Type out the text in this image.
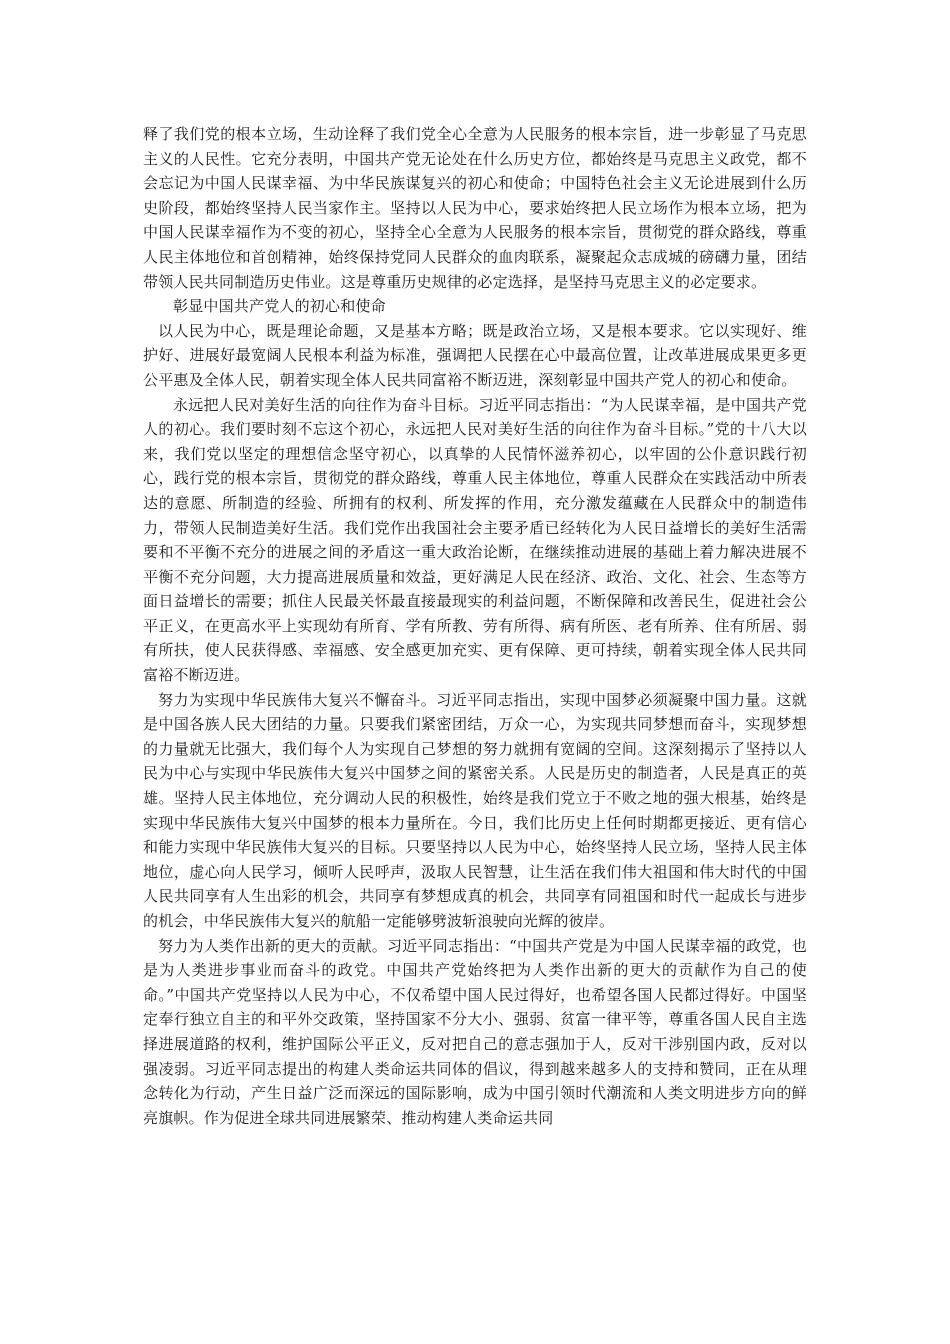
释了我们党的根本立场，生动诠释了我们党全心全意为人民服务的根本宗旨，进一步彰显了马克思主义的人民性。它充分表明，中国共产党无论处在什么历史方位，都始终是马克思主义政党，都不会忘记为中国人民谋幸福、为中华民族谋复兴的初心和使命；中国特色社会主义无论进展到什么历史阶段，都始终坚持人民当家作主。坚持以人民为中心，要求始终把人民立场作为根本立场，把为中国人民谋幸福作为不变的初心，坚持全心全意为人民服务的根本宗旨，贯彻党的群众路线，尊重人民主体地位和首创精神，始终保持党同人民群众的血肉联系，凝聚起众志成城的磅礴力量，团结带领人民共同制造历史伟业。这是尊重历史规律的必定选择，是坚持马克思主义的必定要求。

彰显中国共产党人的初心和使命

以人民为中心，既是理论命题，又是基本方略；既是政治立场，又是根本要求。它以实现好、维护好、进展好最宽阔人民根本利益为标准，强调把人民摆在心中最高位置，让改革进展成果更多更公平惠及全体人民，朝着实现全体人民共同富裕不断迈进，深刻彰显中国共产党人的初心和使命。

永远把人民对美好生活的向往作为奋斗目标。习近平同志指出：“为人民谋幸福，是中国共产党人的初心。我们要时刻不忘这个初心，永远把人民对美好生活的向往作为奋斗目标。”党的十八大以来，我们党以坚定的理想信念坚守初心，以真挚的人民情怀滋养初心，以牢固的公仆意识践行初心，践行党的根本宗旨，贯彻党的群众路线，尊重人民主体地位，尊重人民群众在实践活动中所表达的意愿、所制造的经验、所拥有的权利、所发挥的作用，充分激发蕴藏在人民群众中的制造伟力，带领人民制造美好生活。我们党作出我国社会主要矛盾已经转化为人民日益增长的美好生活需要和不平衡不充分的进展之间的矛盾这一重大政治论断，在继续推动进展的基础上着力解决进展不平衡不充分问题，大力提高进展质量和效益，更好满足人民在经济、政治、文化、社会、生态等方面日益增长的需要；抓住人民最关怀最直接最现实的利益问题，不断保障和改善民生，促进社会公平正义，在更高水平上实现幼有所育、学有所教、劳有所得、病有所医、老有所养、住有所居、弱有所扶，使人民获得感、幸福感、安全感更加充实、更有保障、更可持续，朝着实现全体人民共同富裕不断迈进。

努力为实现中华民族伟大复兴不懈奋斗。习近平同志指出，实现中国梦必须凝聚中国力量。这就是中国各族人民大团结的力量。只要我们紧密团结，万众一心，为实现共同梦想而奋斗，实现梦想的力量就无比强大，我们每个人为实现自己梦想的努力就拥有宽阔的空间。这深刻揭示了坚持以人民为中心与实现中华民族伟大复兴中国梦之间的紧密关系。人民是历史的制造者，人民是真正的英雄。坚持人民主体地位，充分调动人民的积极性，始终是我们党立于不败之地的强大根基，始终是实现中华民族伟大复兴中国梦的根本力量所在。今日，我们比历史上任何时期都更接近、更有信心和能力实现中华民族伟大复兴的目标。只要坚持以人民为中心，始终坚持人民立场，坚持人民主体地位，虚心向人民学习，倾听人民呼声，汲取人民智慧，让生活在我们伟大祖国和伟大时代的中国人民共同享有人生出彩的机会，共同享有梦想成真的机会，共同享有同祖国和时代一起成长与进步的机会，中华民族伟大复兴的航船一定能够劈波斩浪驶向光辉的彼岸。

努力为人类作出新的更大的贡献。习近平同志指出：“中国共产党是为中国人民谋幸福的政党，也是为人类进步事业而奋斗的政党。中国共产党始终把为人类作出新的更大的贡献作为自己的使命。”中国共产党坚持以人民为中心，不仅希望中国人民过得好，也希望各国人民都过得好。中国坚定奉行独立自主的和平外交政策，坚持国家不分大小、强弱、贫富一律平等，尊重各国人民自主选择进展道路的权利，维护国际公平正义，反对把自己的意志强加于人，反对干涉别国内政，反对以强凌弱。习近平同志提出的构建人类命运共同体的倡议，得到越来越多人的支持和赞同，正在从理念转化为行动，产生日益广泛而深远的国际影响，成为中国引领时代潮流和人类文明进步方向的鲜亮旗帜。作为促进全球共同进展繁荣、推动构建人类命运共同
